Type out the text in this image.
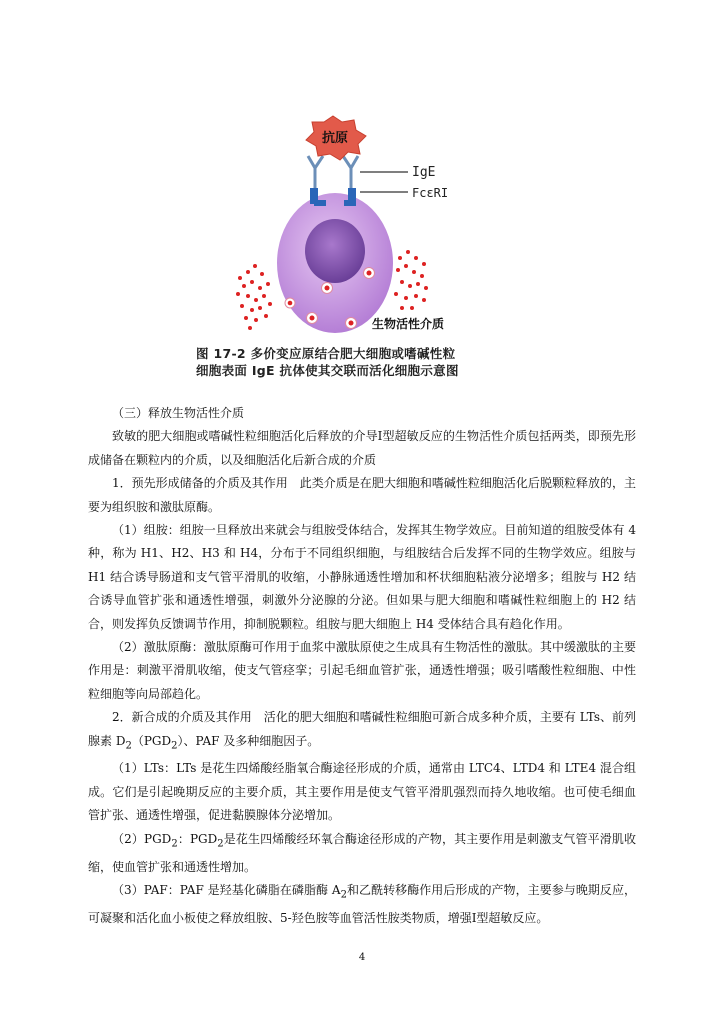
抗原
IgE
FcεRI
生物活性介质
图 17-2 多价变应原结合肥大细胞或嗜碱性粒
细胞表面 IgE 抗体使其交联而活化细胞示意图

（三）释放生物活性介质

致敏的肥大细胞或嗜碱性粒细胞活化后释放的介导Ⅰ型超敏反应的生物活性介质包括两类，即预先形成储备在颗粒内的介质，以及细胞活化后新合成的介质

1．预先形成储备的介质及其作用　此类介质是在肥大细胞和嗜碱性粒细胞活化后脱颗粒释放的，主要为组织胺和激肽原酶。

（1）组胺：组胺一旦释放出来就会与组胺受体结合，发挥其生物学效应。目前知道的组胺受体有 4 种，称为 H1、H2、H3 和 H4，分布于不同组织细胞，与组胺结合后发挥不同的生物学效应。组胺与 H1 结合诱导肠道和支气管平滑肌的收缩，小静脉通透性增加和杯状细胞粘液分泌增多；组胺与 H2 结合诱导血管扩张和通透性增强，刺激外分泌腺的分泌。但如果与肥大细胞和嗜碱性粒细胞上的 H2 结合，则发挥负反馈调节作用，抑制脱颗粒。组胺与肥大细胞上 H4 受体结合具有趋化作用。

（2）激肽原酶：激肽原酶可作用于血浆中激肽原使之生成具有生物活性的激肽。其中缓激肽的主要作用是：刺激平滑肌收缩，使支气管痉挛；引起毛细血管扩张，通透性增强；吸引嗜酸性粒细胞、中性粒细胞等向局部趋化。

2．新合成的介质及其作用　活化的肥大细胞和嗜碱性粒细胞可新合成多种介质，主要有 LTs、前列腺素 $D_2(PGD_2)$、PAF 及多种细胞因子。

（1）LTs：LTs 是花生四烯酸经脂氧合酶途径形成的介质，通常由 LTC4、LTD4 和 LTE4 混合组成。它们是引起晚期反应的主要介质，其主要作用是使支气管平滑肌强烈而持久地收缩。也可使毛细血管扩张、通透性增强，促进黏膜腺体分泌增加。

$(2)PGD_2$：$PGD_2$是花生四烯酸经环氧合酶途径形成的产物，其主要作用是刺激支气管平滑肌收缩，使血管扩张和通透性增加。

（3）PAF：PAF 是羟基化磷脂在磷脂酶 $A_2$和乙酰转移酶作用后形成的产物，主要参与晚期反应，可凝聚和活化血小板使之释放组胺、5-羟色胺等血管活性胺类物质，增强Ⅰ型超敏反应。

4
